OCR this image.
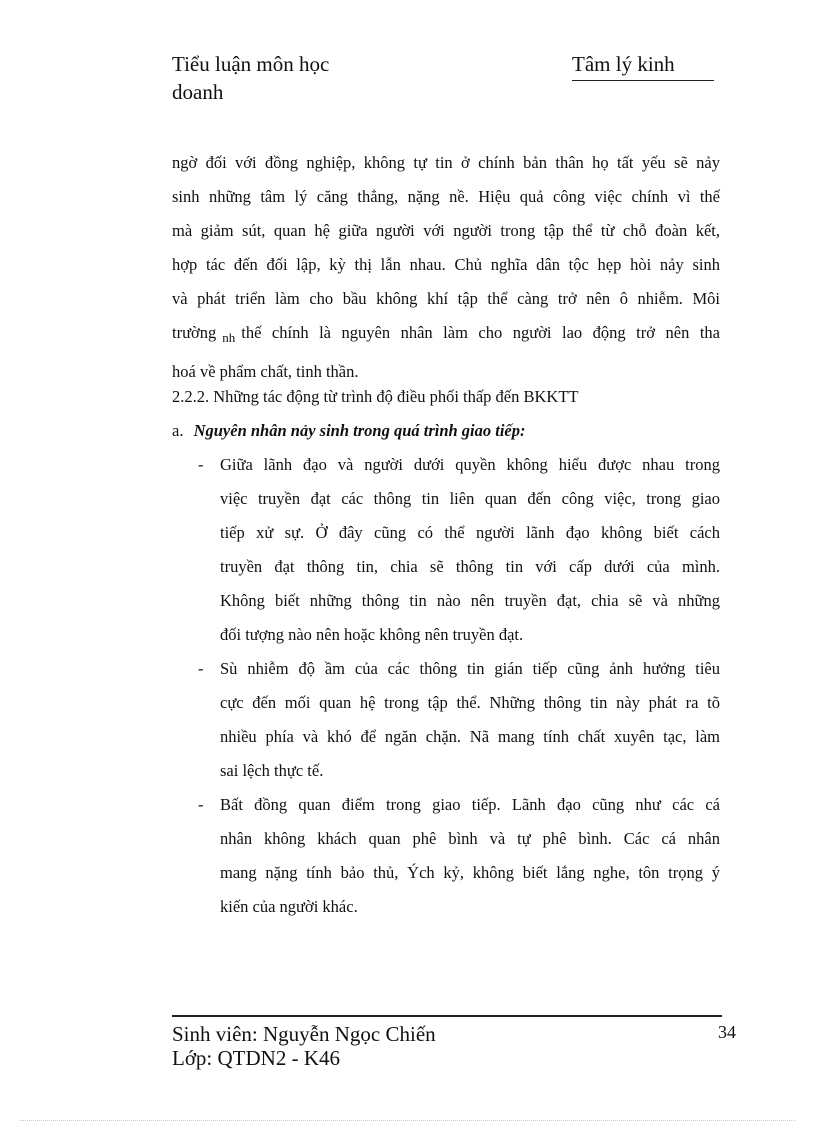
Tiểu luận môn học	Tâm lý kinh
doanh
ngờ đối với đồng nghiệp, không tự tin ở chính bản thân họ tất yếu sẽ nảy
sinh những tâm lý căng thẳng, nặng nề. Hiệu quả công việc chính vì thế
mà giảm sút, quan hệ giữa người với người trong tập thể từ chỗ đoàn kết,
hợp tác đến đối lập, kỳ thị lẫn nhau. Chủ nghĩa dân tộc hẹp hòi nảy sinh
và phát triển làm cho bầu không khí tập thể càng trở nên ô nhiễm. Môi
trường $_{nh}$ thế chính là nguyên nhân làm cho người lao động trở nên tha
hoá về phẩm chất, tinh thần.
2.2.2. Những tác động từ trình độ điều phối thấp đến BKKTT
a. Nguyên nhân nảy sinh trong quá trình giao tiếp:
- Giữa lãnh đạo và người dưới quyền không hiểu được nhau trong
việc truyền đạt các thông tin liên quan đến công việc, trong giao
tiếp xử sự. Ở đây cũng có thể người lãnh đạo không biết cách
truyền đạt thông tin, chia sẽ thông tin với cấp dưới của mình.
Không biết những thông tin nào nên truyền đạt, chia sẽ và những
đối tượng nào nên hoặc không nên truyền đạt.
- Sù nhiễm độ ầm của các thông tin gián tiếp cũng ảnh hưởng tiêu
cực đến mối quan hệ trong tập thể. Những thông tin này phát ra tõ
nhiều phía và khó để ngăn chặn. Nã mang tính chất xuyên tạc, làm
sai lệch thực tế.
- Bất đồng quan điểm trong giao tiếp. Lãnh đạo cũng như các cá
nhân không khách quan phê bình và tự phê bình. Các cá nhân
mang nặng tính bảo thủ, Ých kỷ, không biết lắng nghe, tôn trọng ý
kiến của người khác.
Sinh viên: Nguyễn Ngọc Chiến
Lớp: QTDN2 - K46
34
